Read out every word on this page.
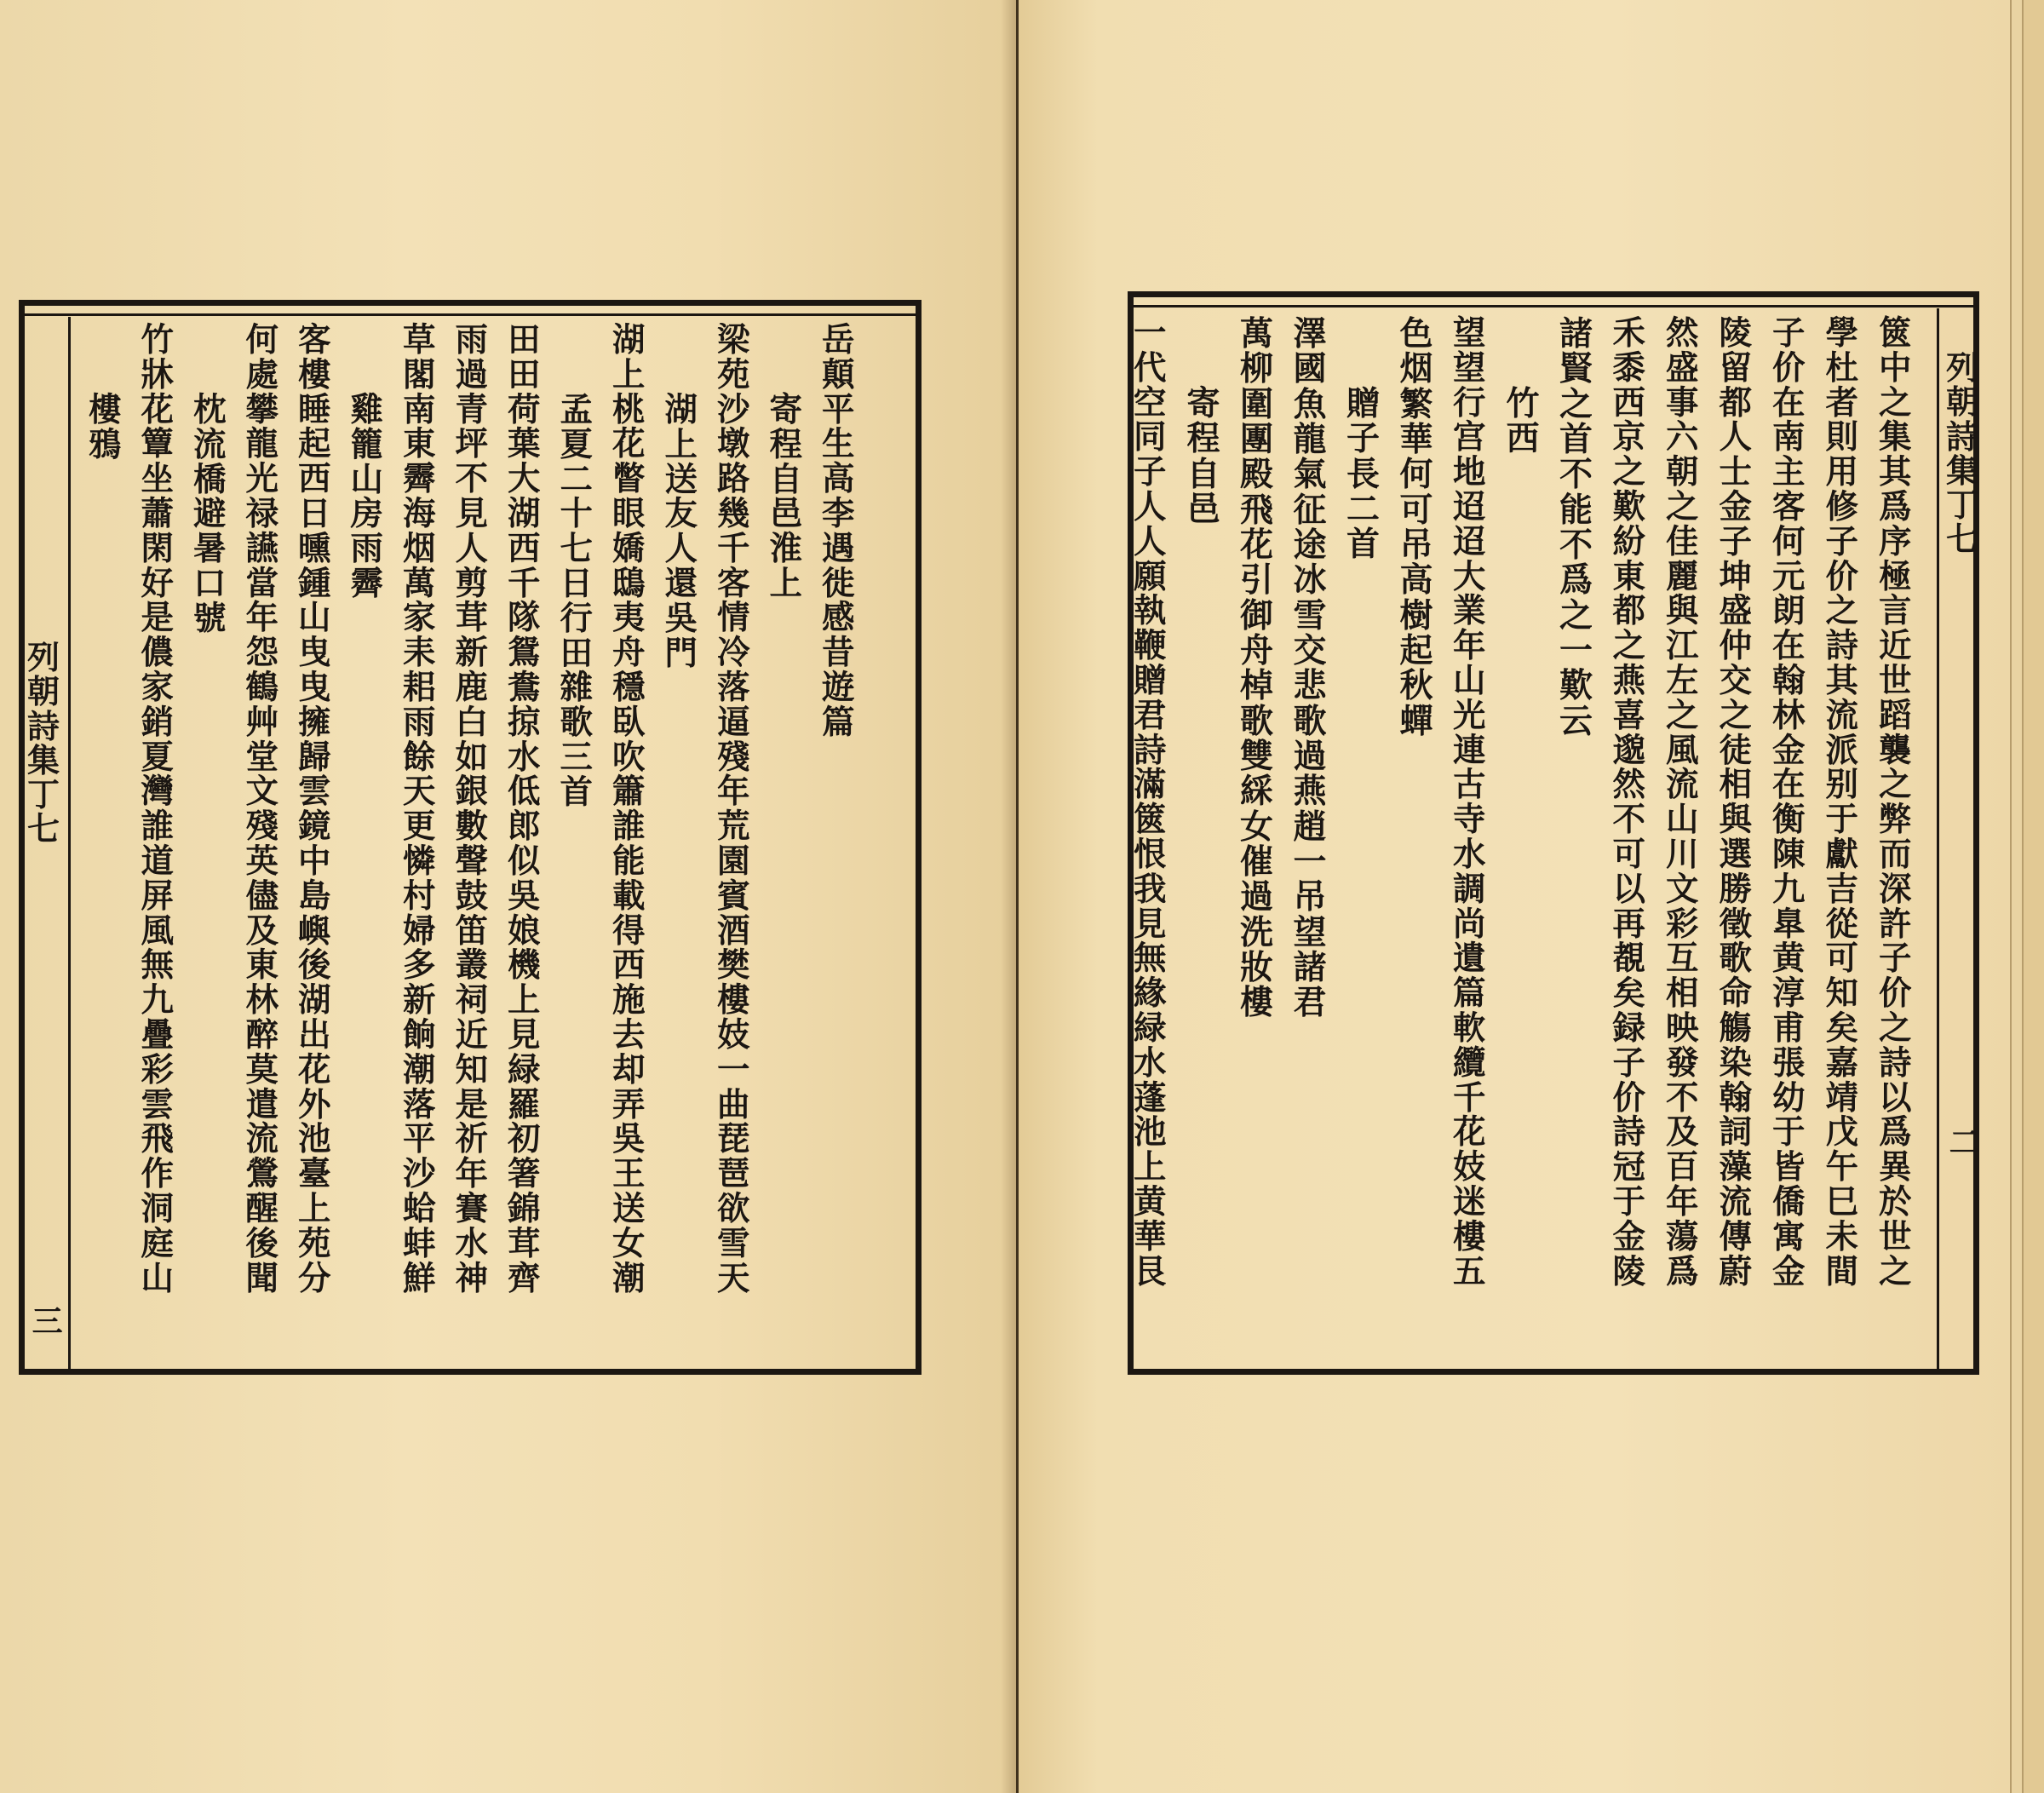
列
朝
詩
集
丁
七
三
岳
顛
平
生
高
李
遇
徙
感
昔
遊
篇
寄
程
自
邑
淮
上
梁
苑
沙
墩
路
幾
千
客
情
冷
落
逼
殘
年
荒
園
賓
酒
樊
樓
妓
一
曲
琵
琶
欲
雪
天
湖
上
送
友
人
還
吳
門
湖
上
桃
花
瞥
眼
嬌
鴟
夷
舟
穩
臥
吹
簫
誰
能
載
得
西
施
去
却
弄
吳
王
送
女
潮
孟
夏
二
十
七
日
行
田
雜
歌
三
首
田
田
荷
葉
大
湖
西
千
隊
鴛
鴦
掠
水
低
郎
似
吳
娘
機
上
見
緑
羅
初
箸
錦
茸
齊
雨
過
青
坪
不
見
人
剪
茸
新
鹿
白
如
銀
數
聲
鼓
笛
叢
祠
近
知
是
祈
年
賽
水
神
草
閣
南
東
霽
海
烟
萬
家
耒
耜
雨
餘
天
更
憐
村
婦
多
新
餉
潮
落
平
沙
蛤
蚌
鮮
雞
籠
山
房
雨
霽
客
樓
睡
起
西
日
曛
鍾
山
曳
曳
擁
歸
雲
鏡
中
島
嶼
後
湖
出
花
外
池
臺
上
苑
分
何
處
攀
龍
光
禄
讌
當
年
怨
鶴
艸
堂
文
殘
英
儘
及
東
林
醉
莫
遣
流
鶯
醒
後
聞
枕
流
橋
避
暑
口
號
竹
牀
花
簟
坐
蕭
閑
好
是
儂
家
銷
夏
灣
誰
道
屏
風
無
九
疊
彩
雲
飛
作
洞
庭
山
樓
鴉
列
朝
詩
集
丁
七
二
篋
中
之
集
其
爲
序
極
言
近
世
蹈
襲
之
弊
而
深
許
子
价
之
詩
以
爲
異
於
世
之
學
杜
者
則
用
修
子
价
之
詩
其
流
派
别
于
獻
吉
從
可
知
矣
嘉
靖
戊
午
巳
未
間
子
价
在
南
主
客
何
元
朗
在
翰
林
金
在
衡
陳
九
臯
黄
淳
甫
張
幼
于
皆
僑
寓
金
陵
留
都
人
士
金
子
坤
盛
仲
交
之
徒
相
與
選
勝
徵
歌
命
觴
染
翰
詞
藻
流
傳
蔚
然
盛
事
六
朝
之
佳
麗
與
江
左
之
風
流
山
川
文
彩
互
相
映
發
不
及
百
年
蕩
爲
禾
黍
西
京
之
歎
紛
東
都
之
燕
喜
邈
然
不
可
以
再
覩
矣
録
子
价
詩
冠
于
金
陵
諸
賢
之
首
不
能
不
爲
之
一
歎
云
竹
西
望
望
行
宫
地
迢
迢
大
業
年
山
光
連
古
寺
水
調
尚
遺
篇
軟
纜
千
花
妓
迷
樓
五
色
烟
繁
華
何
可
吊
高
樹
起
秋
蟬
贈
子
長
二
首
澤
國
魚
龍
氣
征
途
冰
雪
交
悲
歌
過
燕
趙
一
吊
望
諸
君
萬
柳
圍
團
殿
飛
花
引
御
舟
棹
歌
雙
綵
女
催
過
洗
妝
樓
寄
程
自
邑
一
代
空
同
子
人
人
願
執
鞭
贈
君
詩
滿
篋
恨
我
見
無
緣
緑
水
蓬
池
上
黄
華
艮
